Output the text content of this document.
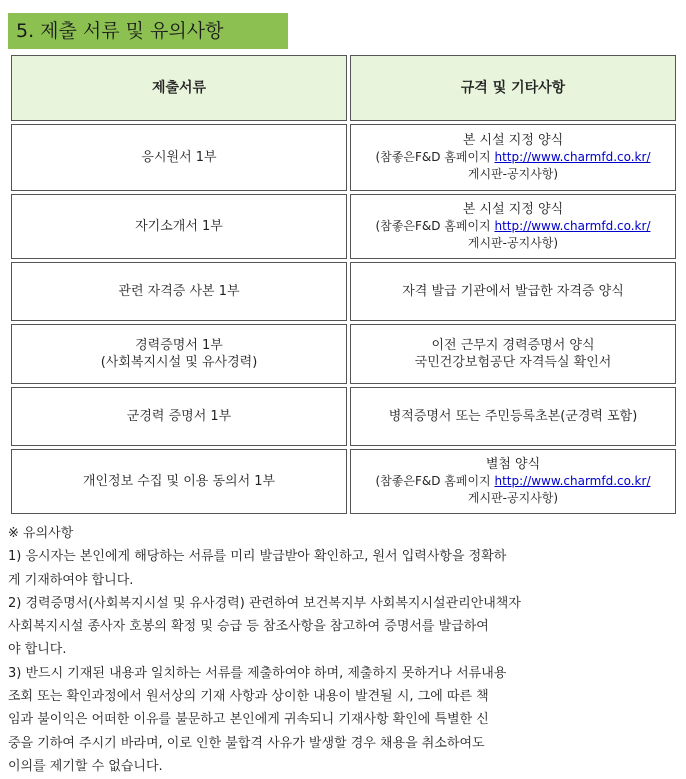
5. 제출 서류 및 유의사항
제출서류	규격 및 기타사항
응시원서 1부	본 시설 지정 양식

(참좋은F&D 홈페이지 http://www.charmfd.co.kr/
게시판-공지사항)

자기소개서 1부	본 시설 지정 양식

(참좋은F&D 홈페이지 http://www.charmfd.co.kr/
게시판-공지사항)

관련 자격증 사본 1부	자격 발급 기관에서 발급한 자격증 양식
경력증명서 1부
(사회복지시설 및 유사경력)	이전 근무지 경력증명서 양식
국민건강보험공단 자격득실 확인서
군경력 증명서 1부	병적증명서 또는 주민등록초본(군경력 포함)
개인정보 수집 및 이용 동의서 1부	별첨 양식

(참좋은F&D 홈페이지 http://www.charmfd.co.kr/
게시판-공지사항)
※ 유의사항
1) 응시자는 본인에게 해당하는 서류를 미리 발급받아 확인하고, 원서 입력사항을 정확하
게 기재하여야 합니다.
2) 경력증명서(사회복지시설 및 유사경력) 관련하여 보건복지부 사회복지시설관리안내책자
사회복지시설 종사자 호봉의 확정 및 승급 등 참조사항을 참고하여 증명서를 발급하여
야 합니다.
3) 반드시 기재된 내용과 일치하는 서류를 제출하여야 하며, 제출하지 못하거나 서류내용
조회 또는 확인과정에서 원서상의 기재 사항과 상이한 내용이 발견될 시, 그에 따른 책
임과 불이익은 어떠한 이유를 불문하고 본인에게 귀속되니 기재사항 확인에 특별한 신
중을 기하여 주시기 바라며, 이로 인한 불합격 사유가 발생할 경우 채용을 취소하여도
이의를 제기할 수 없습니다.
